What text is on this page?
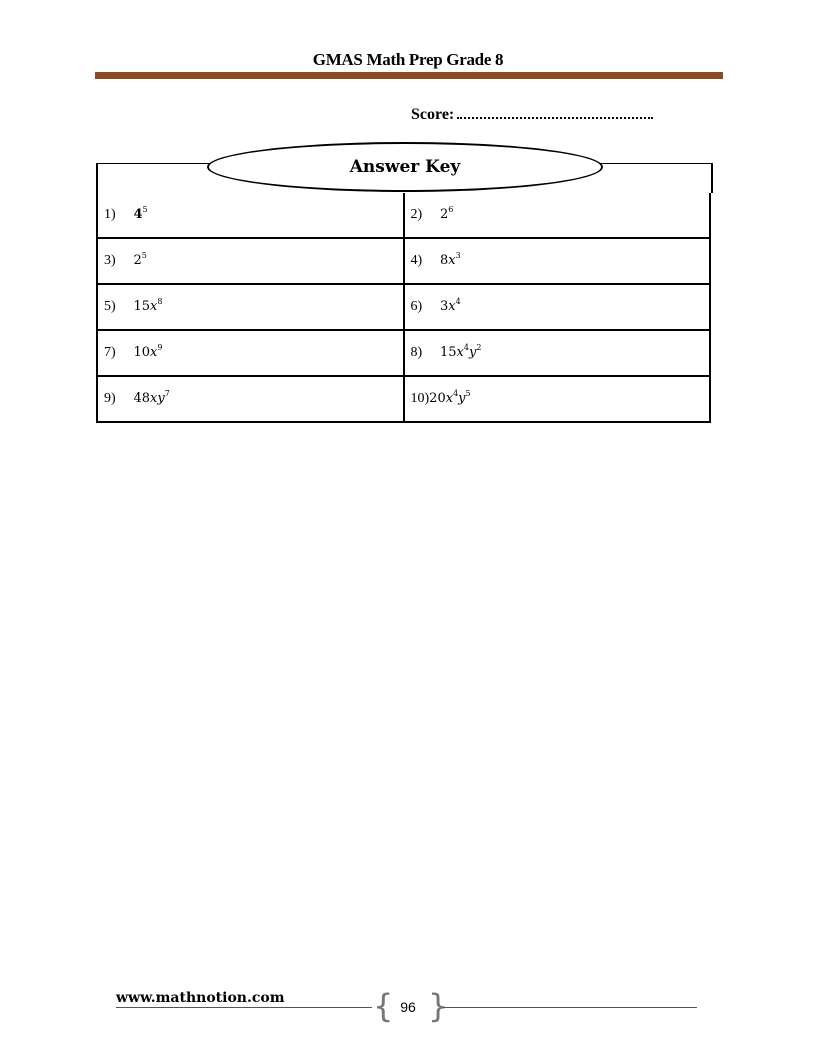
GMAS Math Prep Grade 8
Score:
1) $4^5$	2) $2^6$
3) $2^5$	4) $8x^3$
5) $15x^8$	6) $3x^4$
7) $10x^9$	8) $15x^4y^2$
9) $48xy^7$	$10)20x^4y^5$
Answer Key
www.mathnotion.com	{ 96 }
